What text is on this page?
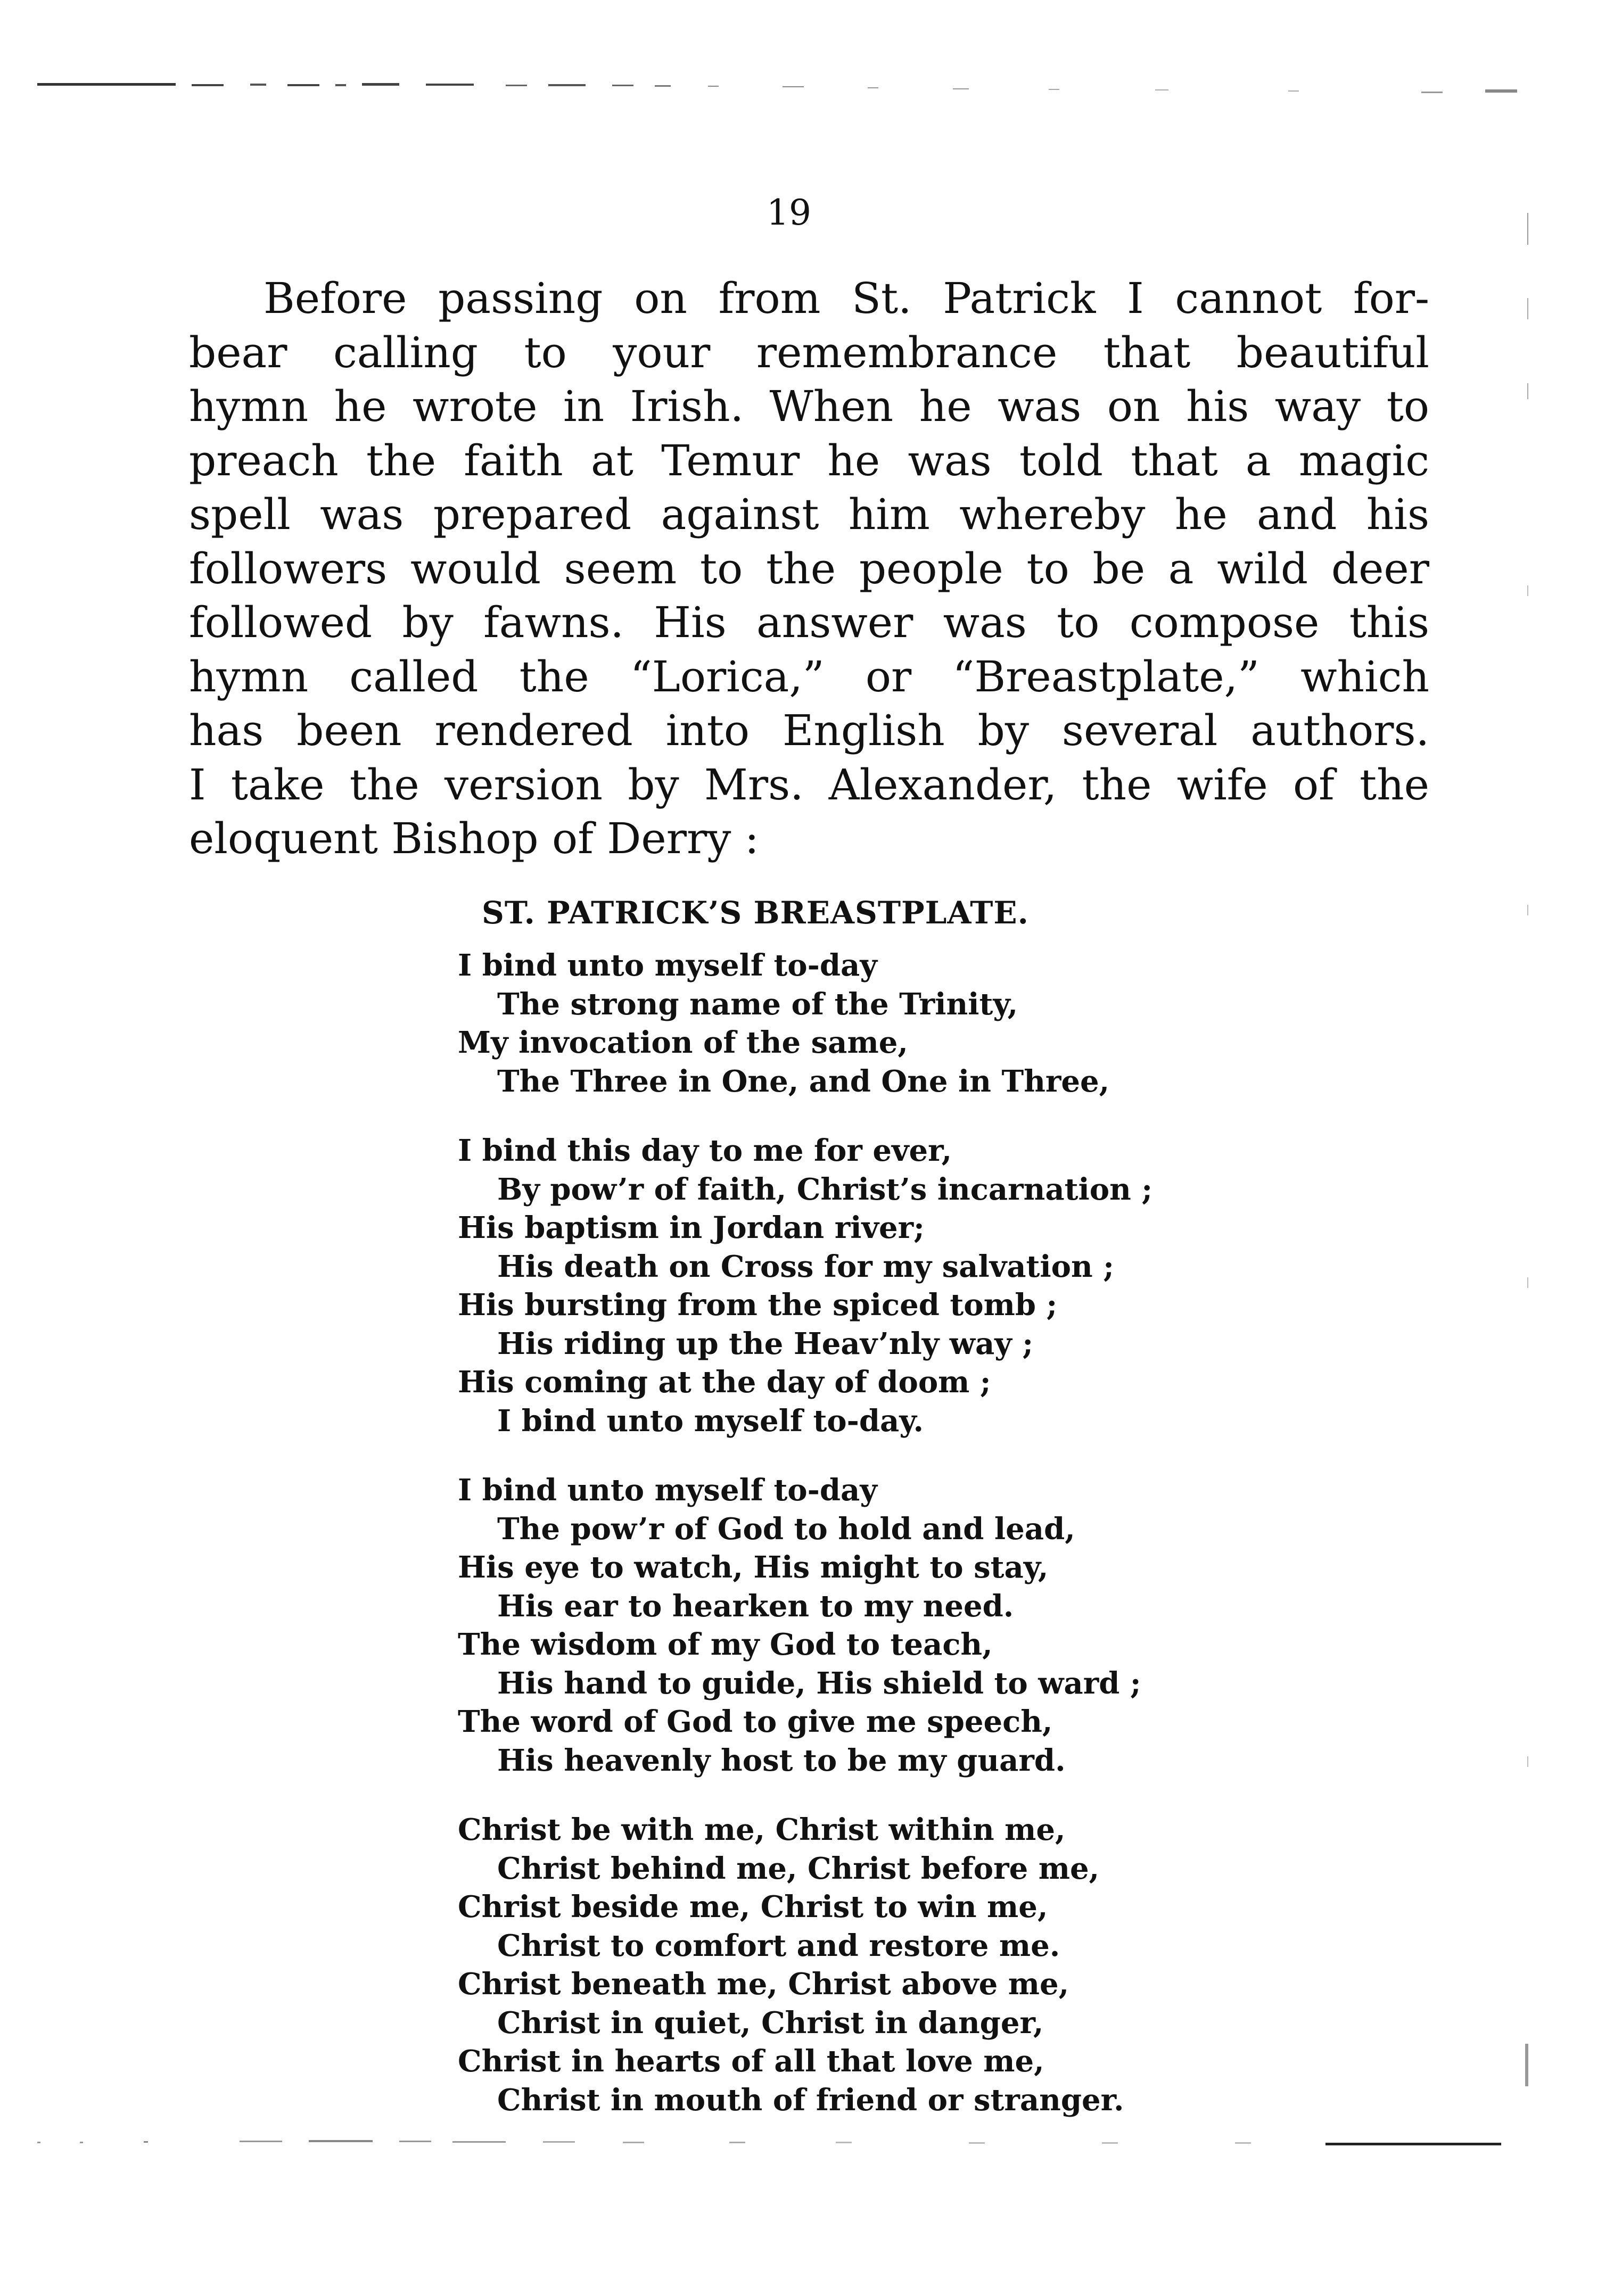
19
Before passing on from St. Patrick I cannot for-
bear calling to your remembrance that beautiful
hymn he wrote in Irish. When he was on his way to
preach the faith at Temur he was told that a magic
spell was prepared against him whereby he and his
followers would seem to the people to be a wild deer
followed by fawns. His answer was to compose this
hymn called the “Lorica,” or “Breastplate,” which
has been rendered into English by several authors.
I take the version by Mrs. Alexander, the wife of the
eloquent Bishop of Derry :
ST. PATRICK’S BREASTPLATE.
I bind unto myself to-day
The strong name of the Trinity,
My invocation of the same,
The Three in One, and One in Three,
I bind this day to me for ever,
By pow’r of faith, Christ’s incarnation ;
His baptism in Jordan river;
His death on Cross for my salvation ;
His bursting from the spiced tomb ;
His riding up the Heav’nly way ;
His coming at the day of doom ;
I bind unto myself to-day.
I bind unto myself to-day
The pow’r of God to hold and lead,
His eye to watch, His might to stay,
His ear to hearken to my need.
The wisdom of my God to teach,
His hand to guide, His shield to ward ;
The word of God to give me speech,
His heavenly host to be my guard.
Christ be with me, Christ within me,
Christ behind me, Christ before me,
Christ beside me, Christ to win me,
Christ to comfort and restore me.
Christ beneath me, Christ above me,
Christ in quiet, Christ in danger,
Christ in hearts of all that love me,
Christ in mouth of friend or stranger.
